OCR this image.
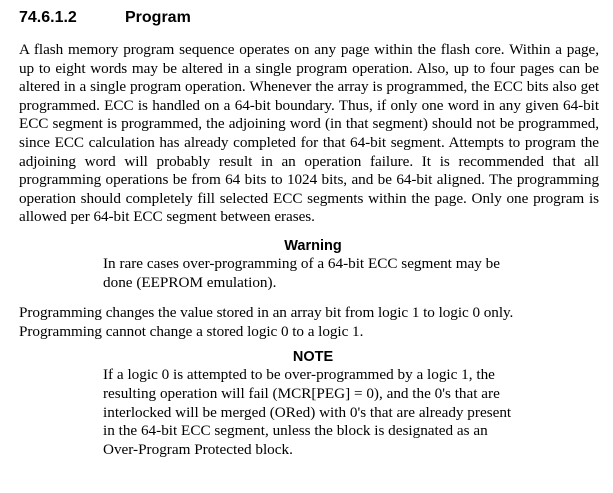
74.6.1.2	Program

A flash memory program sequence operates on any page within the flash core. Within a page, up to eight words may be altered in a single program operation. Also, up to four pages can be altered in a single program operation. Whenever the array is programmed, the ECC bits also get programmed. ECC is handled on a 64-bit boundary. Thus, if only one word in any given 64-bit ECC segment is programmed, the adjoining word (in that segment) should not be programmed, since ECC calculation has already completed for that 64-bit segment. Attempts to program the adjoining word will probably result in an operation failure. It is recommended that all programming operations be from 64 bits to 1024 bits, and be 64-bit aligned. The programming operation should completely fill selected ECC segments within the page. Only one program is allowed per 64-bit ECC segment between erases.

Warning

In rare cases over-programming of a 64-bit ECC segment may be done (EEPROM emulation).

Programming changes the value stored in an array bit from logic 1 to logic 0 only. Programming cannot change a stored logic 0 to a logic 1.

NOTE

If a logic 0 is attempted to be over-programmed by a logic 1, the resulting operation will fail (MCR[PEG] = 0), and the 0's that are interlocked will be merged (ORed) with 0's that are already present in the 64-bit ECC segment, unless the block is designated as an Over-Program Protected block.
